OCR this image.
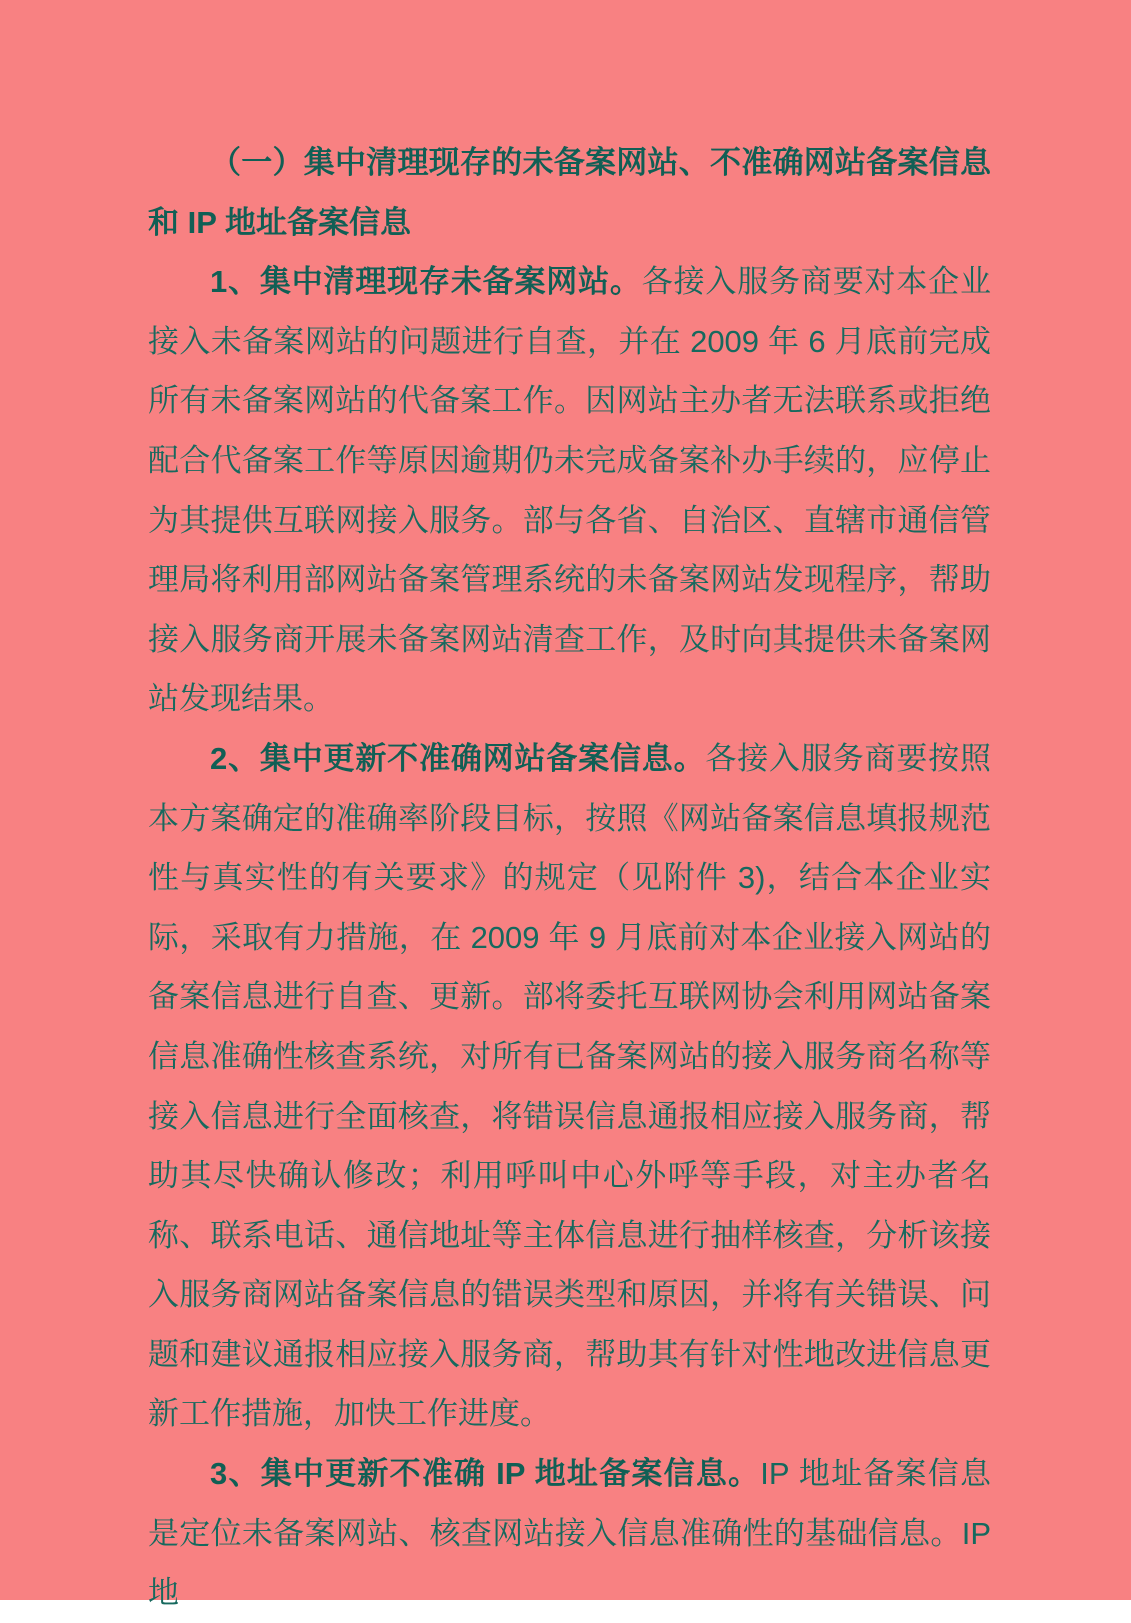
（一）集中清理现存的未备案网站、不准确网站备案信息和 IP 地址备案信息

1、集中清理现存未备案网站。各接入服务商要对本企业接入未备案网站的问题进行自查，并在 2009 年 6 月底前完成所有未备案网站的代备案工作。因网站主办者无法联系或拒绝配合代备案工作等原因逾期仍未完成备案补办手续的，应停止为其提供互联网接入服务。部与各省、自治区、直辖市通信管理局将利用部网站备案管理系统的未备案网站发现程序，帮助接入服务商开展未备案网站清查工作，及时向其提供未备案网站发现结果。

2、集中更新不准确网站备案信息。各接入服务商要按照本方案确定的准确率阶段目标，按照《网站备案信息填报规范性与真实性的有关要求》的规定（见附件 3)，结合本企业实际，采取有力措施，在 2009 年 9 月底前对本企业接入网站的备案信息进行自查、更新。部将委托互联网协会利用网站备案信息准确性核查系统，对所有已备案网站的接入服务商名称等接入信息进行全面核查，将错误信息通报相应接入服务商，帮助其尽快确认修改；利用呼叫中心外呼等手段，对主办者名称、联系电话、通信地址等主体信息进行抽样核查，分析该接入服务商网站备案信息的错误类型和原因，并将有关错误、问题和建议通报相应接入服务商，帮助其有针对性地改进信息更新工作措施，加快工作进度。

3、集中更新不准确 IP 地址备案信息。IP 地址备案信息是定位未备案网站、核查网站接入信息准确性的基础信息。IP 地
